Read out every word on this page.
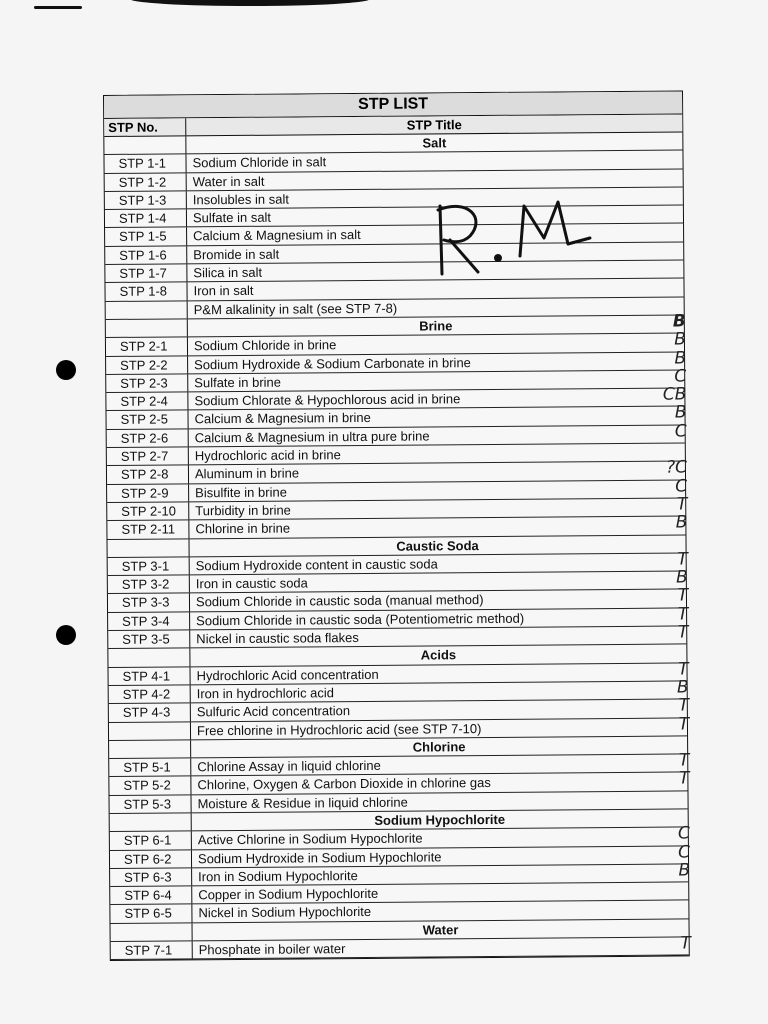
STP LIST
STP No.	STP Title
Salt
STP 1-1	Sodium Chloride in salt
STP 1-2	Water in salt
STP 1-3	Insolubles in salt
STP 1-4	Sulfate in salt
STP 1-5	Calcium & Magnesium in salt
STP 1-6	Bromide in salt
STP 1-7	Silica in salt
STP 1-8	Iron in salt
P&M alkalinity in salt (see STP 7-8)
Brine	B
STP 2-1	Sodium Chloride in brine	B
STP 2-2	Sodium Hydroxide & Sodium Carbonate in brine	B
STP 2-3	Sulfate in brine	C
STP 2-4	Sodium Chlorate & Hypochlorous acid in brine	CB
STP 2-5	Calcium & Magnesium in brine	B
STP 2-6	Calcium & Magnesium in ultra pure brine	C
STP 2-7	Hydrochloric acid in brine
STP 2-8	Aluminum in brine	?C
STP 2-9	Bisulfite in brine	C
STP 2-10	Turbidity in brine	T
STP 2-11	Chlorine in brine	B
Caustic Soda
STP 3-1	Sodium Hydroxide content in caustic soda	T
STP 3-2	Iron in caustic soda	B
STP 3-3	Sodium Chloride in caustic soda (manual method)	T
STP 3-4	Sodium Chloride in caustic soda (Potentiometric method)	T
STP 3-5	Nickel in caustic soda flakes	T
Acids
STP 4-1	Hydrochloric Acid concentration	T
STP 4-2	Iron in hydrochloric acid	B
STP 4-3	Sulfuric Acid concentration	T
Free chlorine in Hydrochloric acid (see STP 7-10)	T
Chlorine
STP 5-1	Chlorine Assay in liquid chlorine	T
STP 5-2	Chlorine, Oxygen & Carbon Dioxide in chlorine gas	T
STP 5-3	Moisture & Residue in liquid chlorine
Sodium Hypochlorite
STP 6-1	Active Chlorine in Sodium Hypochlorite	C
STP 6-2	Sodium Hydroxide in Sodium Hypochlorite	C
STP 6-3	Iron in Sodium Hypochlorite	B
STP 6-4	Copper in Sodium Hypochlorite
STP 6-5	Nickel in Sodium Hypochlorite
Water
STP 7-1	Phosphate in boiler water	T
